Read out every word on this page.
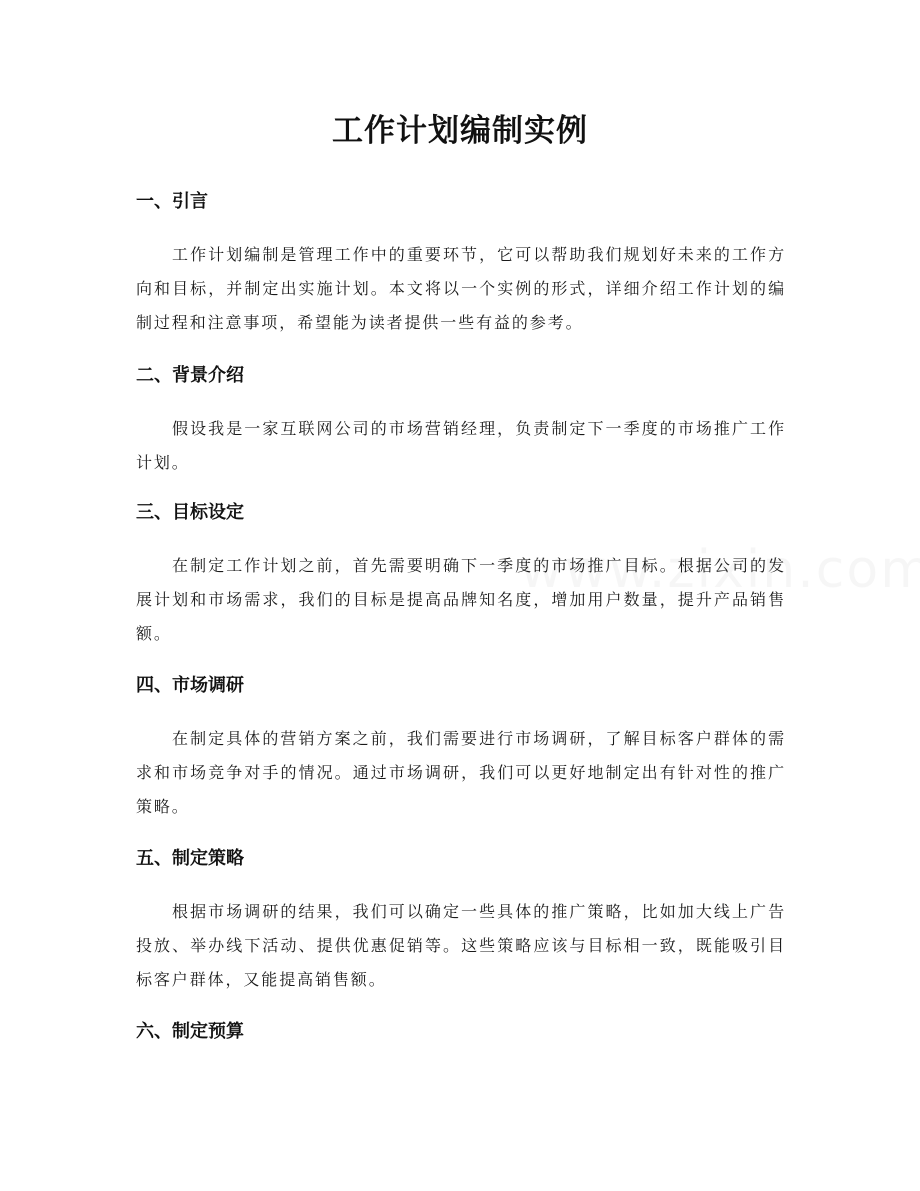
工作计划编制实例
一、引言

工作计划编制是管理工作中的重要环节，它可以帮助我们规划好未来的工作方向和目标，并制定出实施计划。本文将以一个实例的形式，详细介绍工作计划的编制过程和注意事项，希望能为读者提供一些有益的参考。

二、背景介绍

假设我是一家互联网公司的市场营销经理，负责制定下一季度的市场推广工作计划。

三、目标设定

在制定工作计划之前，首先需要明确下一季度的市场推广目标。根据公司的发展计划和市场需求，我们的目标是提高品牌知名度，增加用户数量，提升产品销售额。

四、市场调研

在制定具体的营销方案之前，我们需要进行市场调研，了解目标客户群体的需求和市场竞争对手的情况。通过市场调研，我们可以更好地制定出有针对性的推广策略。

五、制定策略

根据市场调研的结果，我们可以确定一些具体的推广策略，比如加大线上广告投放、举办线下活动、提供优惠促销等。这些策略应该与目标相一致，既能吸引目标客户群体，又能提高销售额。

六、制定预算
